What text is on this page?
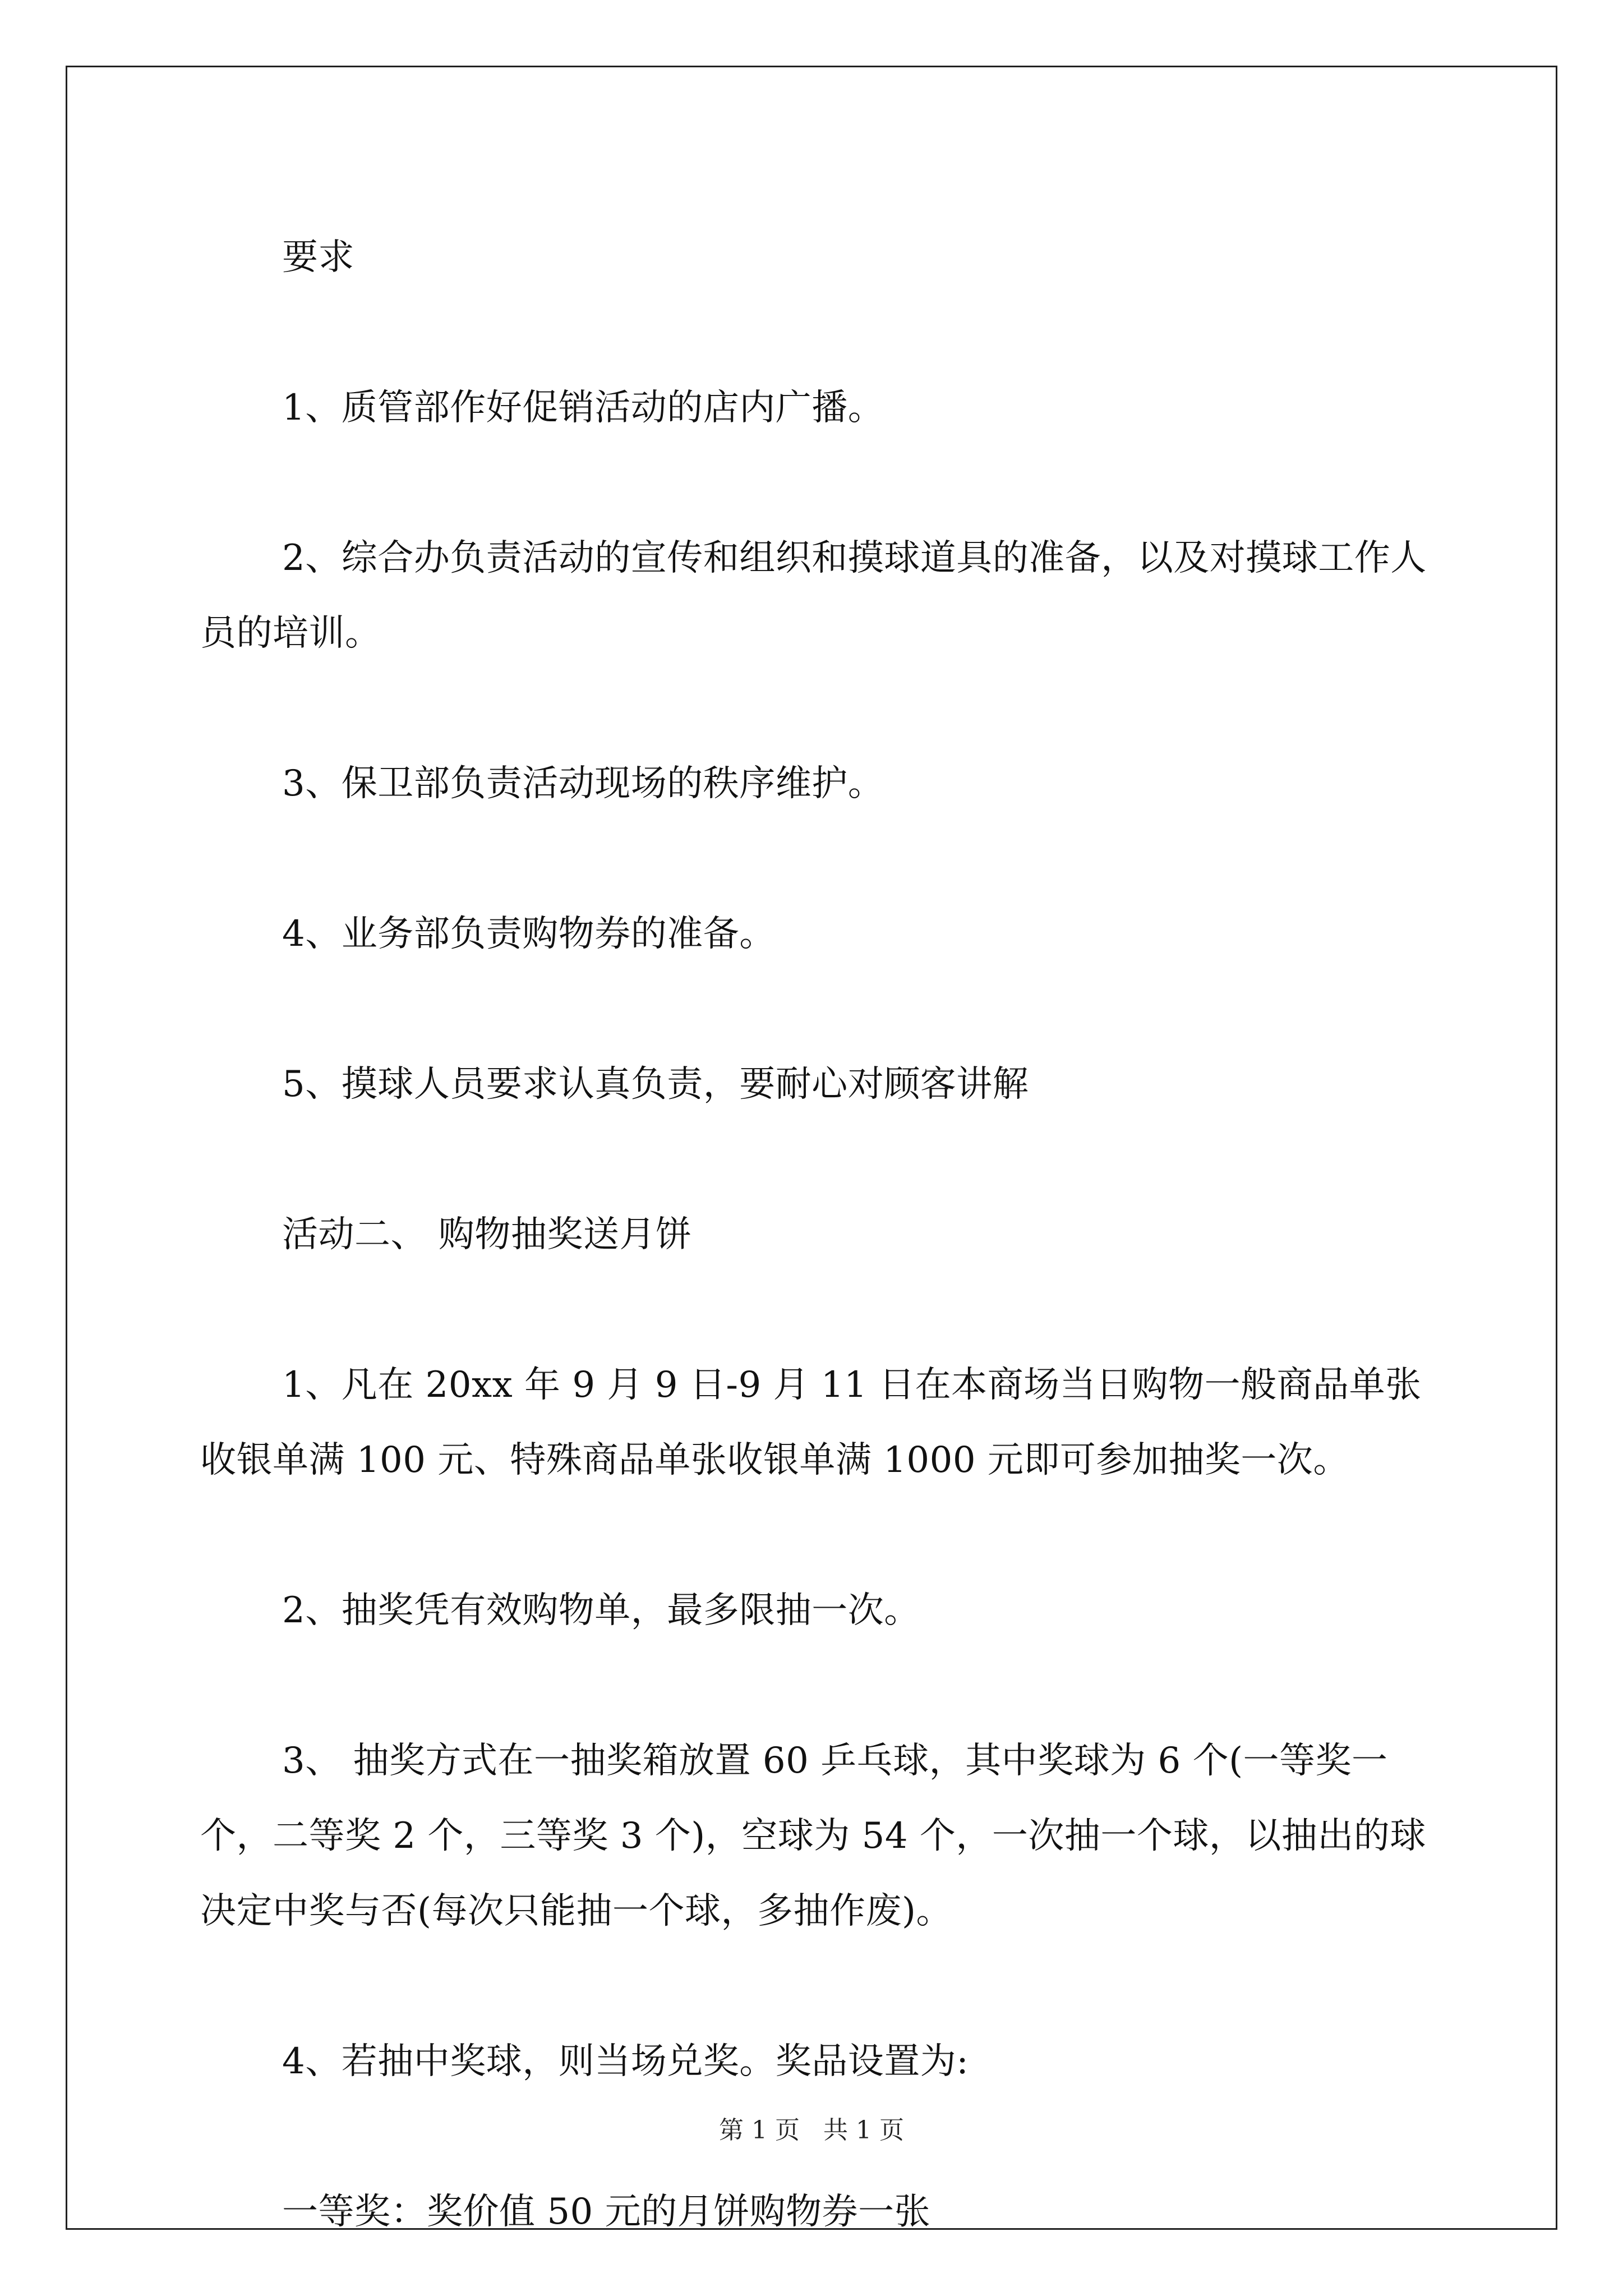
要求

1、质管部作好促销活动的店内广播。

2、综合办负责活动的宣传和组织和摸球道具的准备，以及对摸球工作人员的培训。

3、保卫部负责活动现场的秩序维护。

4、业务部负责购物券的准备。

5、摸球人员要求认真负责，要耐心对顾客讲解

活动二、 购物抽奖送月饼

1、凡在 20xx 年 9 月 9 日-9 月 11 日在本商场当日购物一般商品单张收银单满 100 元、特殊商品单张收银单满 1000 元即可参加抽奖一次。

2、抽奖凭有效购物单，最多限抽一次。

3、 抽奖方式在一抽奖箱放置 60 乒乓球，其中奖球为 6 个(一等奖一个，二等奖 2 个，三等奖 3 个)，空球为 54 个，一次抽一个球，以抽出的球决定中奖与否(每次只能抽一个球，多抽作废)。

4、若抽中奖球，则当场兑奖。奖品设置为:

一等奖：奖价值 50 元的月饼购物券一张

第 1 页   共 1 页
